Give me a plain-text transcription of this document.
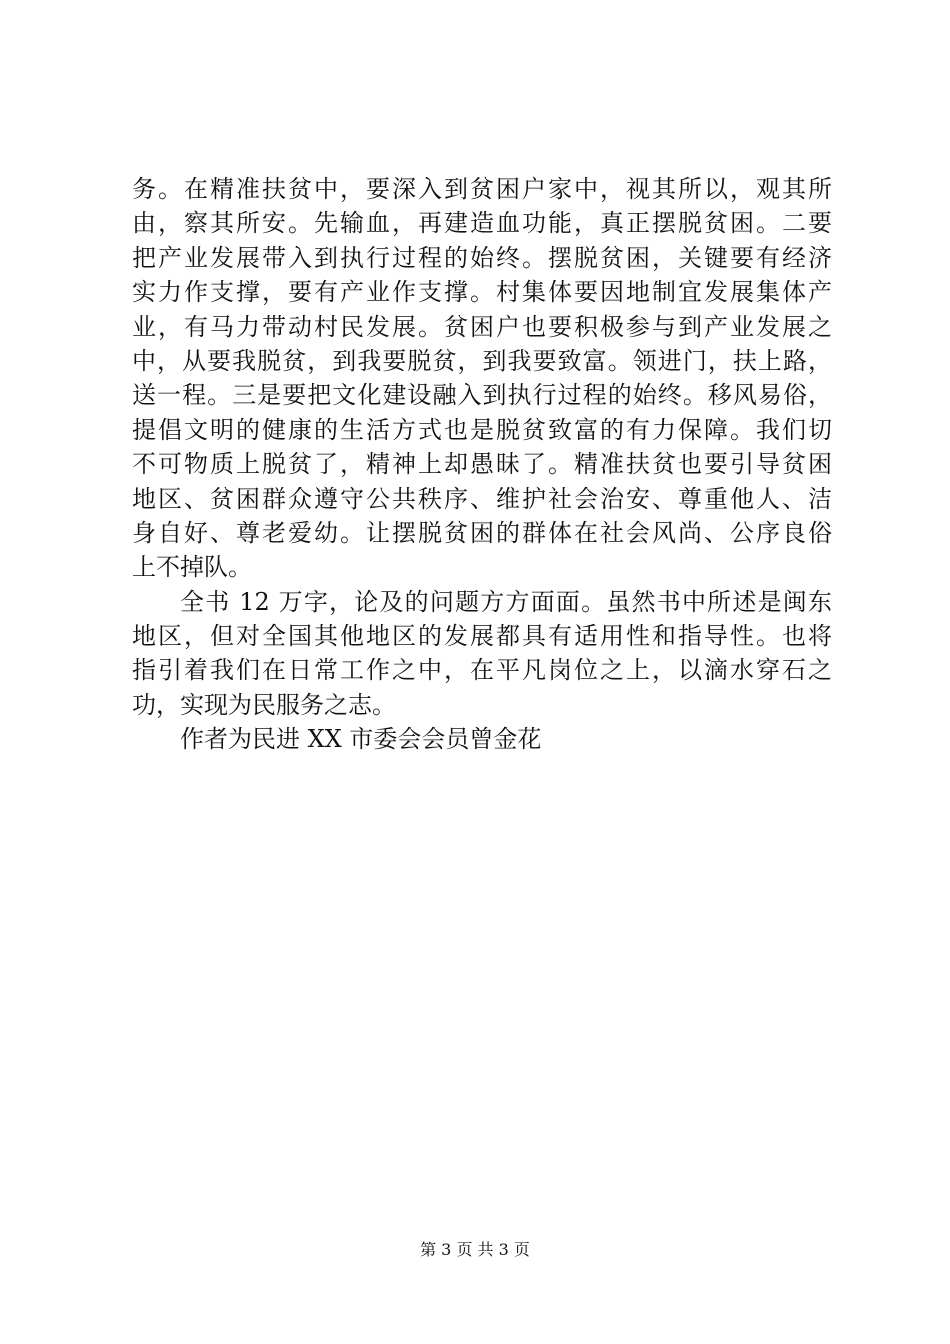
务。在精准扶贫中，要深入到贫困户家中，视其所以，观其所
由，察其所安。先输血，再建造血功能，真正摆脱贫困。二要
把产业发展带入到执行过程的始终。摆脱贫困，关键要有经济
实力作支撑，要有产业作支撑。村集体要因地制宜发展集体产
业，有马力带动村民发展。贫困户也要积极参与到产业发展之
中，从要我脱贫，到我要脱贫，到我要致富。领进门，扶上路，
送一程。三是要把文化建设融入到执行过程的始终。移风易俗，
提倡文明的健康的生活方式也是脱贫致富的有力保障。我们切
不可物质上脱贫了，精神上却愚昧了。精准扶贫也要引导贫困
地区、贫困群众遵守公共秩序、维护社会治安、尊重他人、洁
身自好、尊老爱幼。让摆脱贫困的群体在社会风尚、公序良俗
上不掉队。
全书 12 万字，论及的问题方方面面。虽然书中所述是闽东
地区，但对全国其他地区的发展都具有适用性和指导性。也将
指引着我们在日常工作之中，在平凡岗位之上，以滴水穿石之
功，实现为民服务之志。
作者为民进 XX 市委会会员曾金花
第 3 页 共 3 页
